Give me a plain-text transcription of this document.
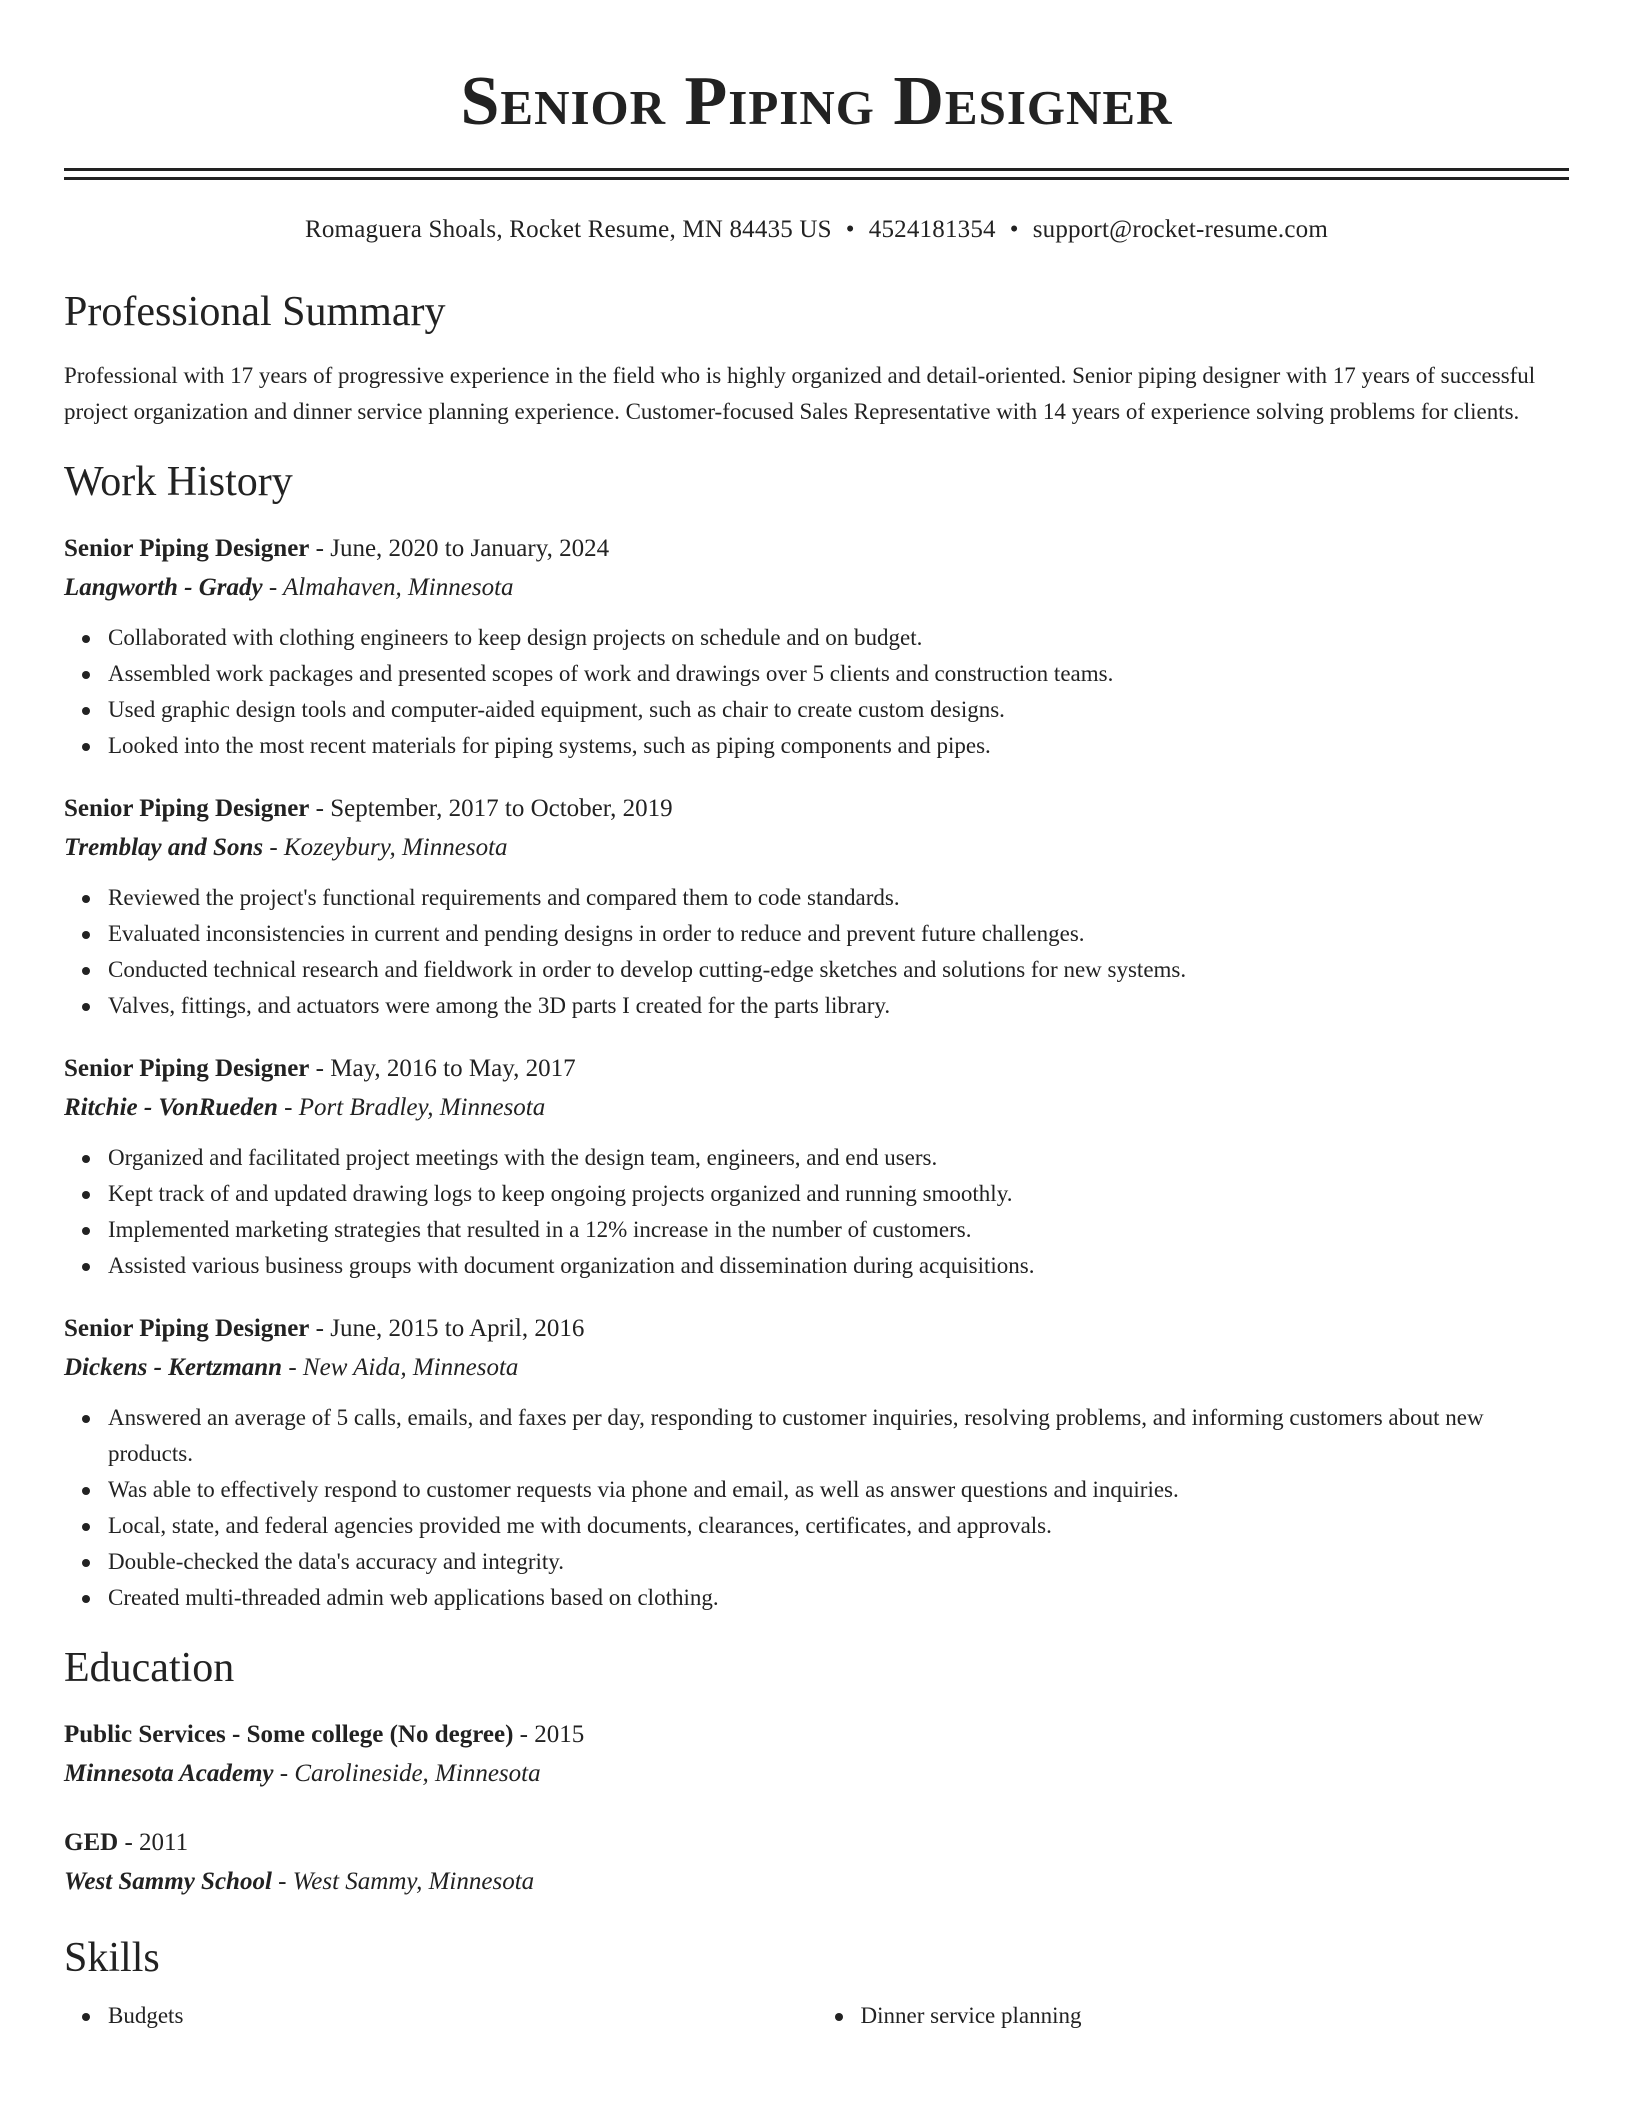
Senior Piping Designer
Romaguera Shoals, Rocket Resume, MN 84435 US • 4524181354 • support@rocket-resume.com
Professional Summary

Professional with 17 years of progressive experience in the field who is highly organized and detail-oriented. Senior piping designer with 17 years of successful project organization and dinner service planning experience. Customer-focused Sales Representative with 14 years of experience solving problems for clients.

Work History
Senior Piping Designer - June, 2020 to January, 2024
Langworth - Grady - Almahaven, Minnesota
Collaborated with clothing engineers to keep design projects on schedule and on budget.
Assembled work packages and presented scopes of work and drawings over 5 clients and construction teams.
Used graphic design tools and computer-aided equipment, such as chair to create custom designs.
Looked into the most recent materials for piping systems, such as piping components and pipes.
Senior Piping Designer - September, 2017 to October, 2019
Tremblay and Sons - Kozeybury, Minnesota
Reviewed the project's functional requirements and compared them to code standards.
Evaluated inconsistencies in current and pending designs in order to reduce and prevent future challenges.
Conducted technical research and fieldwork in order to develop cutting-edge sketches and solutions for new systems.
Valves, fittings, and actuators were among the 3D parts I created for the parts library.
Senior Piping Designer - May, 2016 to May, 2017
Ritchie - VonRueden - Port Bradley, Minnesota
Organized and facilitated project meetings with the design team, engineers, and end users.
Kept track of and updated drawing logs to keep ongoing projects organized and running smoothly.
Implemented marketing strategies that resulted in a 12% increase in the number of customers.
Assisted various business groups with document organization and dissemination during acquisitions.
Senior Piping Designer - June, 2015 to April, 2016
Dickens - Kertzmann - New Aida, Minnesota
Answered an average of 5 calls, emails, and faxes per day, responding to customer inquiries, resolving problems, and informing customers about new products.
Was able to effectively respond to customer requests via phone and email, as well as answer questions and inquiries.
Local, state, and federal agencies provided me with documents, clearances, certificates, and approvals.
Double-checked the data's accuracy and integrity.
Created multi-threaded admin web applications based on clothing.
Education
Public Services - Some college (No degree) - 2015
Minnesota Academy - Carolineside, Minnesota
GED - 2011
West Sammy School - West Sammy, Minnesota
Skills
Budgets	Dinner service planning
